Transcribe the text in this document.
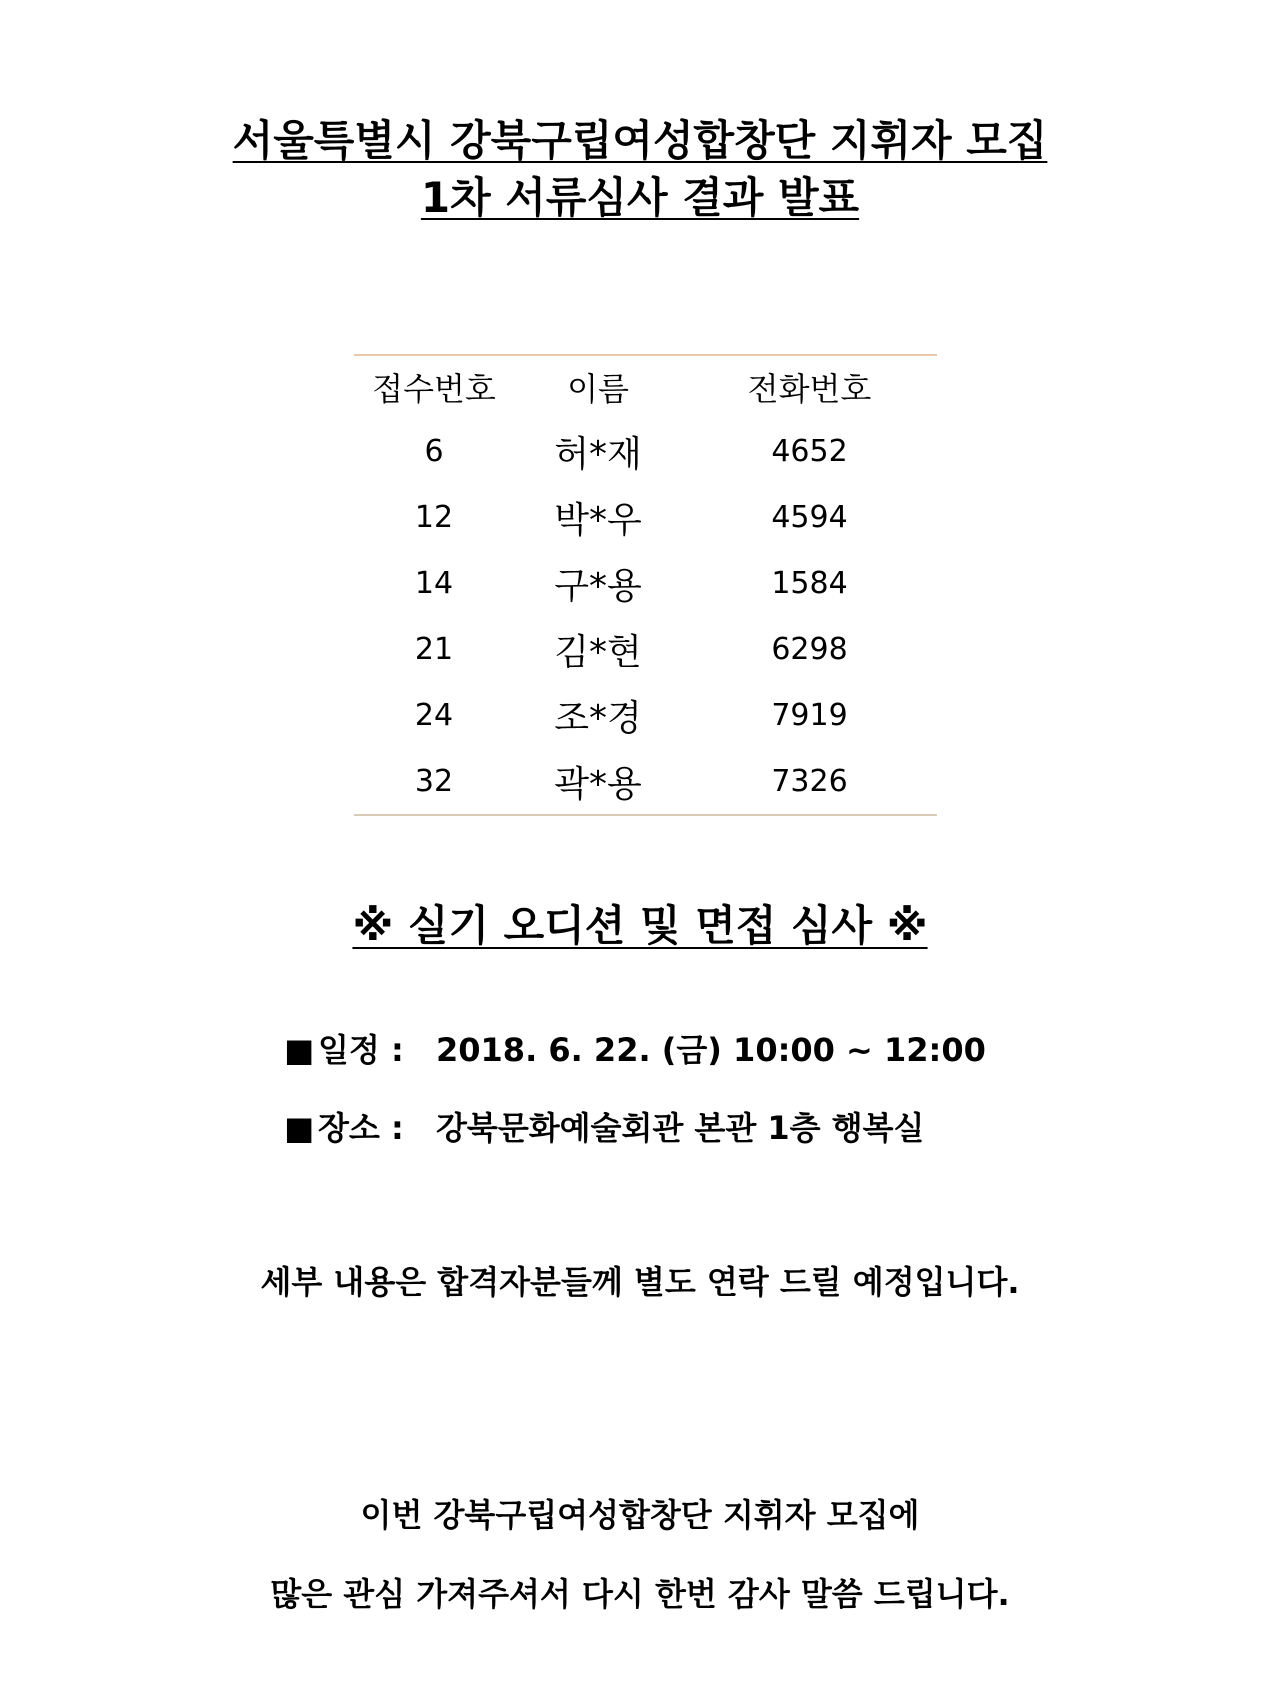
서울특별시 강북구립여성합창단 지휘자 모집
1차 서류심사 결과 발표
접수번호	이름	전화번호
6	허*재	4652
12	박*우	4594
14	구*용	1584
21	김*현	6298
24	조*경	7919
32	곽*용	7326
※ 실기 오디션 및 면접 심사 ※
■ 일정 : 2018. 6. 22. (금) 10:00 ~ 12:00
■ 장소 : 강북문화예술회관 본관 1층 행복실
세부 내용은 합격자분들께 별도 연락 드릴 예정입니다.
이번 강북구립여성합창단 지휘자 모집에
많은 관심 가져주셔서 다시 한번 감사 말씀 드립니다.
